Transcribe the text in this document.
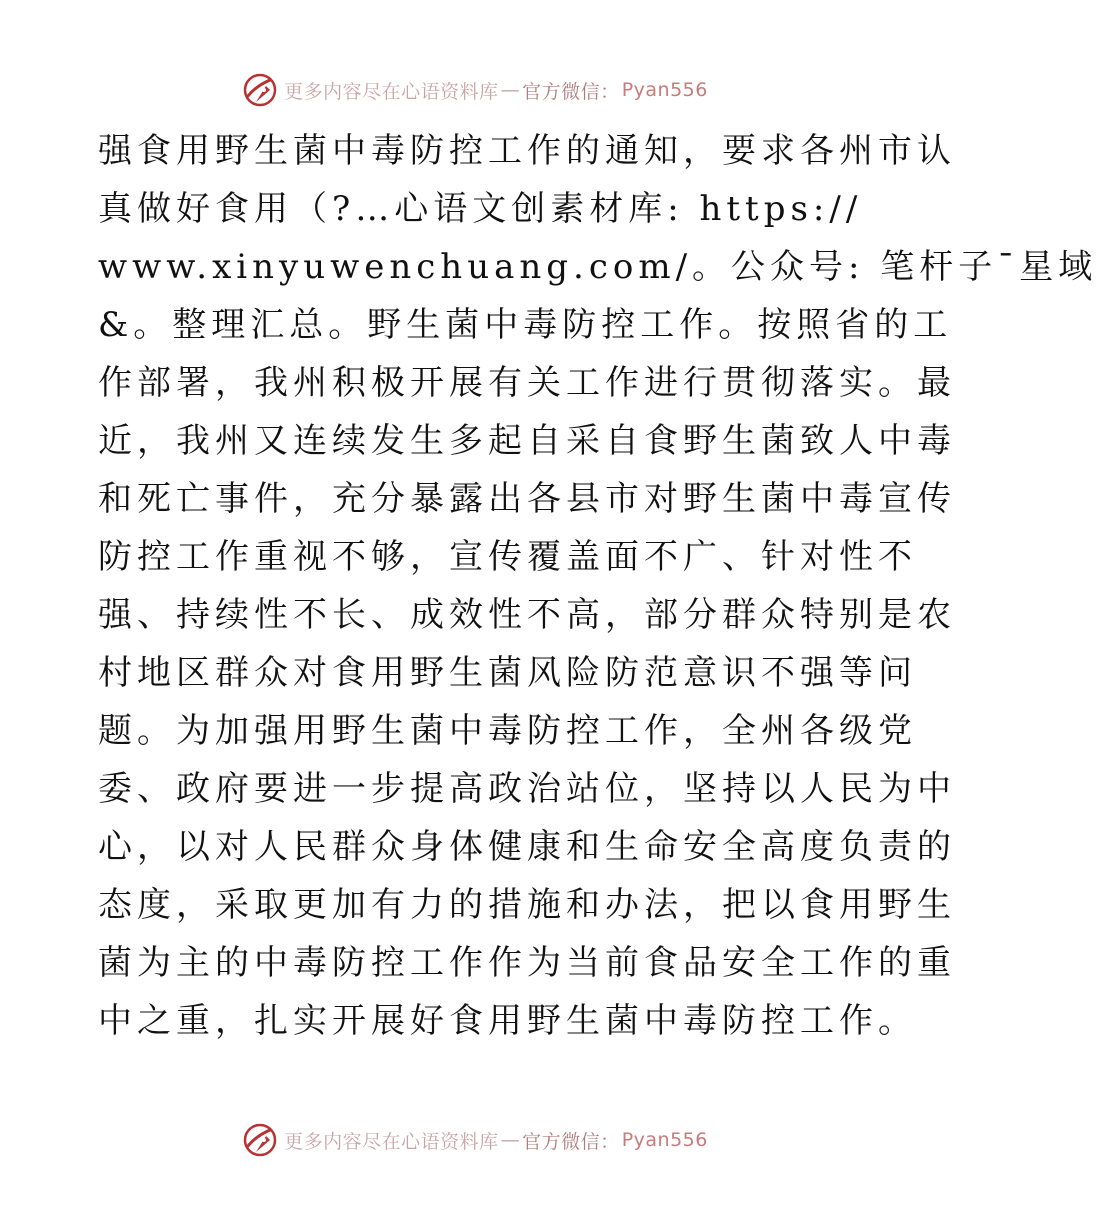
更多内容尽在心语资料库 — 官方微信： Pyan556

强食用野生菌中毒防控工作的通知，要求各州市认
真做好食用（?…心语文创素材库: https://
www.xinyuwenchuang.com/。公众号: 笔杆子¯星域
&。整理汇总。野生菌中毒防控工作。按照省的工
作部署，我州积极开展有关工作进行贯彻落实。最
近，我州又连续发生多起自采自食野生菌致人中毒
和死亡事件，充分暴露出各县市对野生菌中毒宣传
防控工作重视不够，宣传覆盖面不广、针对性不
强、持续性不长、成效性不高，部分群众特别是农
村地区群众对食用野生菌风险防范意识不强等问
题。为加强用野生菌中毒防控工作，全州各级党
委、政府要进一步提高政治站位，坚持以人民为中
心，以对人民群众身体健康和生命安全高度负责的
态度，采取更加有力的措施和办法，把以食用野生
菌为主的中毒防控工作作为当前食品安全工作的重
中之重，扎实开展好食用野生菌中毒防控工作。

更多内容尽在心语资料库 — 官方微信： Pyan556
